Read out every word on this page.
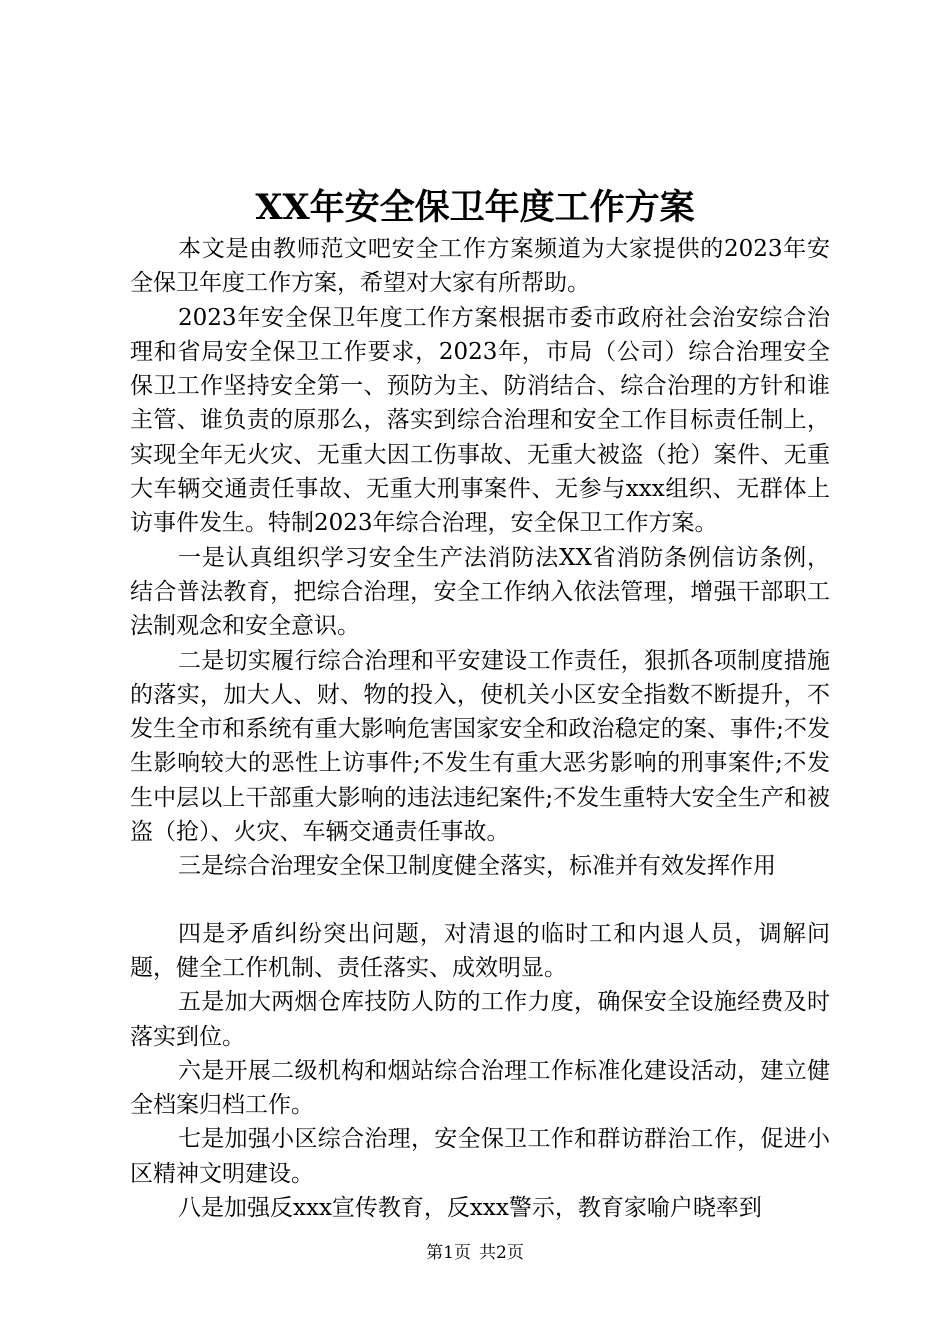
XX年安全保卫年度工作方案

本文是由教师范文吧安全工作方案频道为大家提供的2023年安全保卫年度工作方案，希望对大家有所帮助。

2023年安全保卫年度工作方案根据市委市政府社会治安综合治理和省局安全保卫工作要求，2023年，市局（公司）综合治理安全保卫工作坚持安全第一、预防为主、防消结合、综合治理的方针和谁主管、谁负责的原那么，落实到综合治理和安全工作目标责任制上，实现全年无火灾、无重大因工伤事故、无重大被盗（抢）案件、无重大车辆交通责任事故、无重大刑事案件、无参与xxx组织、无群体上访事件发生。特制2023年综合治理，安全保卫工作方案。

一是认真组织学习安全生产法消防法XX省消防条例信访条例，结合普法教育，把综合治理，安全工作纳入依法管理，增强干部职工法制观念和安全意识。

二是切实履行综合治理和平安建设工作责任，狠抓各项制度措施的落实，加大人、财、物的投入，使机关小区安全指数不断提升，不发生全市和系统有重大影响危害国家安全和政治稳定的案、事件;不发生影响较大的恶性上访事件;不发生有重大恶劣影响的刑事案件;不发生中层以上干部重大影响的违法违纪案件;不发生重特大安全生产和被盗（抢）、火灾、车辆交通责任事故。

三是综合治理安全保卫制度健全落实，标准并有效发挥作用

四是矛盾纠纷突出问题，对清退的临时工和内退人员，调解问题，健全工作机制、责任落实、成效明显。

五是加大两烟仓库技防人防的工作力度，确保安全设施经费及时落实到位。

六是开展二级机构和烟站综合治理工作标准化建设活动，建立健全档案归档工作。

七是加强小区综合治理，安全保卫工作和群访群治工作，促进小区精神文明建设。

八是加强反xxx宣传教育，反xxx警示，教育家喻户晓率到

第1页 共2页
